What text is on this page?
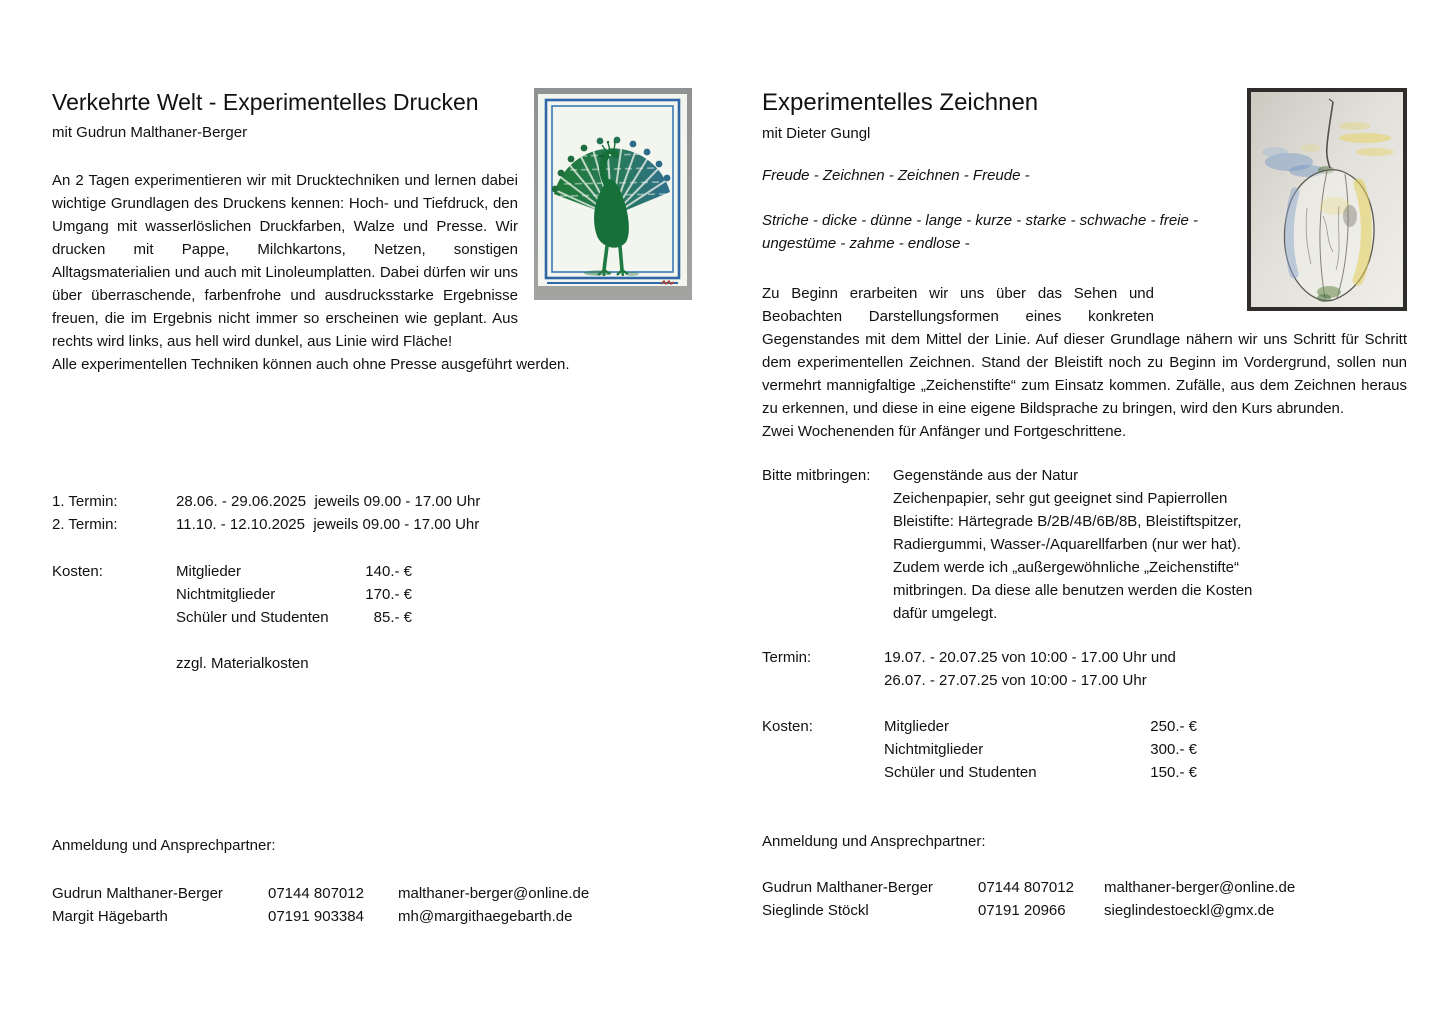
Verkehrte Welt - Experimentelles Drucken
mit Gudrun Malthaner-Berger

An 2 Tagen experimentieren wir mit Drucktechniken und lernen dabei wichtige Grundlagen des Druckens kennen: Hoch- und Tiefdruck, den Umgang mit wasserlöslichen Druckfarben, Walze und Presse. Wir drucken mit Pappe, Milchkartons, Netzen, sonstigen Alltagsmaterialien und auch mit Linoleumplatten. Dabei dürfen wir uns über überraschende, farbenfrohe und ausdrucksstarke Ergebnisse freuen, die im Ergebnis nicht immer so erscheinen wie geplant. Aus rechts wird links, aus hell wird dunkel, aus Linie wird Fläche!

Alle experimentellen Techniken können auch ohne Presse ausgeführt werden.

1. Termin:	28.06. - 29.06.2025  jeweils 09.00 - 17.00 Uhr
2. Termin:	11.10. - 12.10.2025  jeweils 09.00 - 17.00 Uhr
Kosten:	Mitglieder	140.- €
Nichtmitglieder	170.- €
Schüler und Studenten	85.- €
zzgl. Materialkosten
Anmeldung und Ansprechpartner:
Gudrun Malthaner-Berger	07144 807012	malthaner-berger@online.de
Margit Hägebarth	07191 903384	mh@margithaegebarth.de
Experimentelles Zeichnen
mit Dieter Gungl

Freude - Zeichnen - Zeichnen - Freude -

Striche - dicke - dünne - lange - kurze - starke - schwache - freie - ungestüme - zahme - endlose -

Zu Beginn erarbeiten wir uns über das Sehen und Beobachten Darstellungsformen eines konkreten

Gegenstandes mit dem Mittel der Linie. Auf dieser Grundlage nähern wir uns Schritt für Schritt dem experimentellen Zeichnen. Stand der Bleistift noch zu Beginn im Vordergrund, sollen nun vermehrt mannigfaltige „Zeichenstifte“ zum Einsatz kommen. Zufälle, aus dem Zeichnen heraus zu erkennen, und diese in eine eigene Bildsprache zu bringen, wird den Kurs abrunden.

Zwei Wochenenden für Anfänger und Fortgeschrittene.

Bitte mitbringen:	Gegenstände aus der Natur
Zeichenpapier, sehr gut geeignet sind Papierrollen
Bleistifte: Härtegrade B/2B/4B/6B/8B, Bleistiftspitzer,
Radiergummi, Wasser-/Aquarellfarben (nur wer hat).
Zudem werde ich „außergewöhnliche „Zeichenstifte“
mitbringen. Da diese alle benutzen werden die Kosten
dafür umgelegt.
Termin:	19.07. - 20.07.25 von 10:00 - 17.00 Uhr und
26.07. - 27.07.25 von 10:00 - 17.00 Uhr
Kosten:	Mitglieder	250.- €
Nichtmitglieder	300.- €
Schüler und Studenten	150.- €
Anmeldung und Ansprechpartner:
Gudrun Malthaner-Berger	07144 807012	malthaner-berger@online.de
Sieglinde Stöckl	07191 20966	sieglindestoeckl@gmx.de
